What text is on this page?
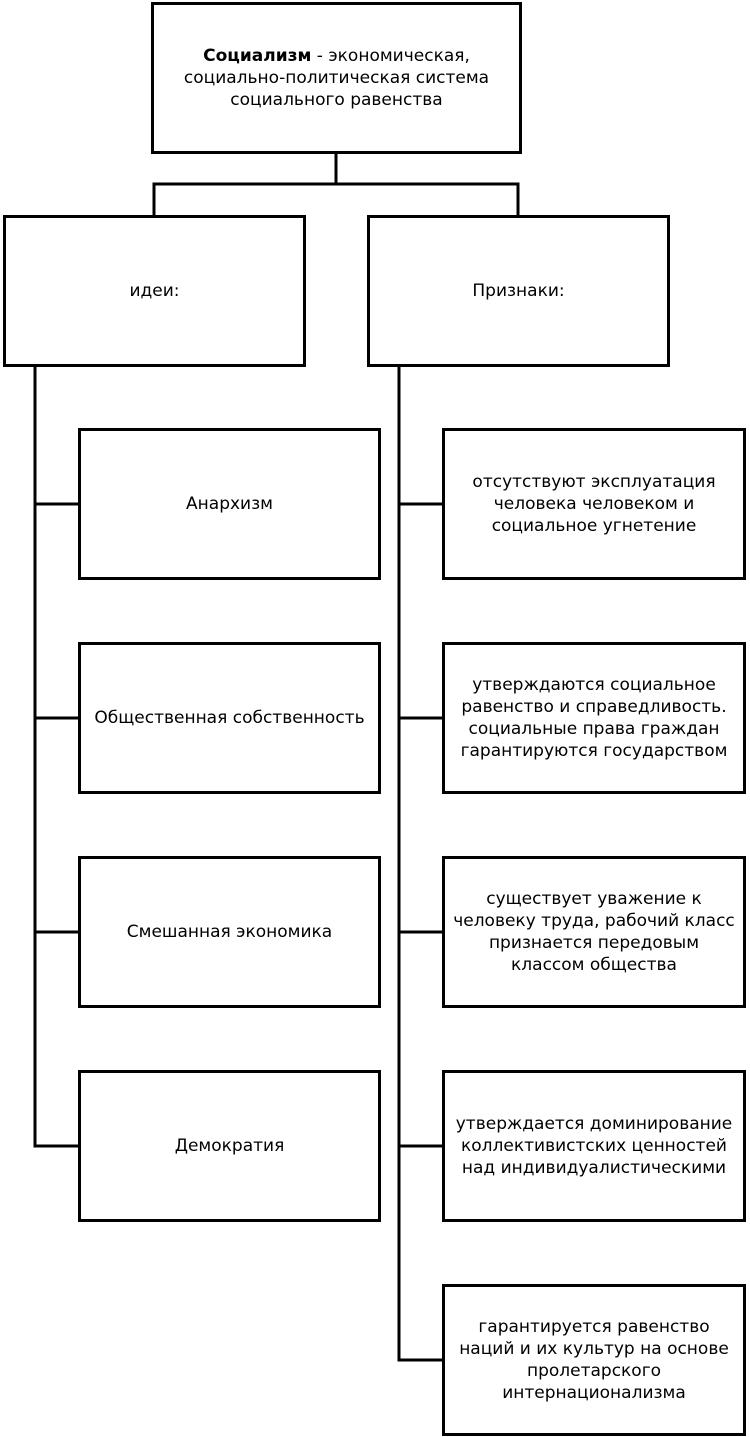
Социализм - экономическая, социально-политическая система социального равенства
идеи:	Признаки:
Анархизм
Общественная собственность
Смешанная экономика
Демократия
отсутствуют эксплуатация человека человеком и социальное угнетение
утверждаются социальное равенство и справедливость. социальные права граждан гарантируются государством
существует уважение к человеку труда, рабочий класс признается передовым классом общества
утверждается доминирование коллективистских ценностей над индивидуалистическими
гарантируется равенство наций и их культур на основе пролетарского интернационализма
